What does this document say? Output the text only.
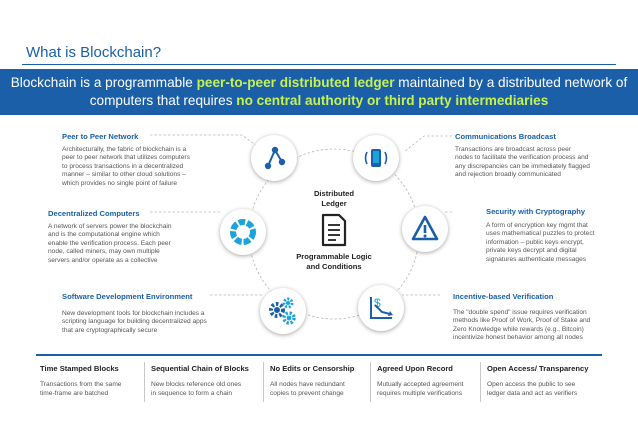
What is Blockchain?
Blockchain is a programmable peer-to-peer distributed ledger maintained by a distributed network of computers that requires no central authority or third party intermediaries
Peer to Peer Network
Architecturally, the fabric of blockchain is a
peer to peer network that utilizes computers
to process transactions in a decentralized
manner – similar to other cloud solutions –
which provides no single point of failure
Decentralized Computers
A network of servers power the blockchain
and is the computational engine which
enable the verification process. Each peer
node, called miners, may own multiple
servers and/or operate as a collective
Software Development Environment
New development tools for blockchain includes a
scripting language for building decentralized apps
that are cryptographically secure
Communications Broadcast
Transactions are broadcast across peer
nodes to facilitate the verification process and
any discrepancies can be immediately flagged
and rejection broadly communicated
Security with Cryptography
A form of encryption key mgmt that
uses mathematical puzzles to protect
information – public keys encrypt,
private keys decrypt and digital
signatures authenticate messages
Incentive-based Verification
The "double spend" issue requires verification
methods like Proof of Work, Proof of Stake and
Zero Knowledge while rewards (e.g., Bitcoin)
incentivize honest behavior among all nodes
$
Distributed
Ledger
Programmable Logic
and Conditions
Time Stamped Blocks
Transactions from the same
time-frame are batched
Sequential Chain of Blocks
New blocks reference old ones
in sequence to form a chain
No Edits or Censorship
All nodes have redundant
copies to prevent change
Agreed Upon Record
Mutually accepted agreement
requires multiple verifications
Open Access/ Transparency
Open access the public to see
ledger data and act as verifiers
